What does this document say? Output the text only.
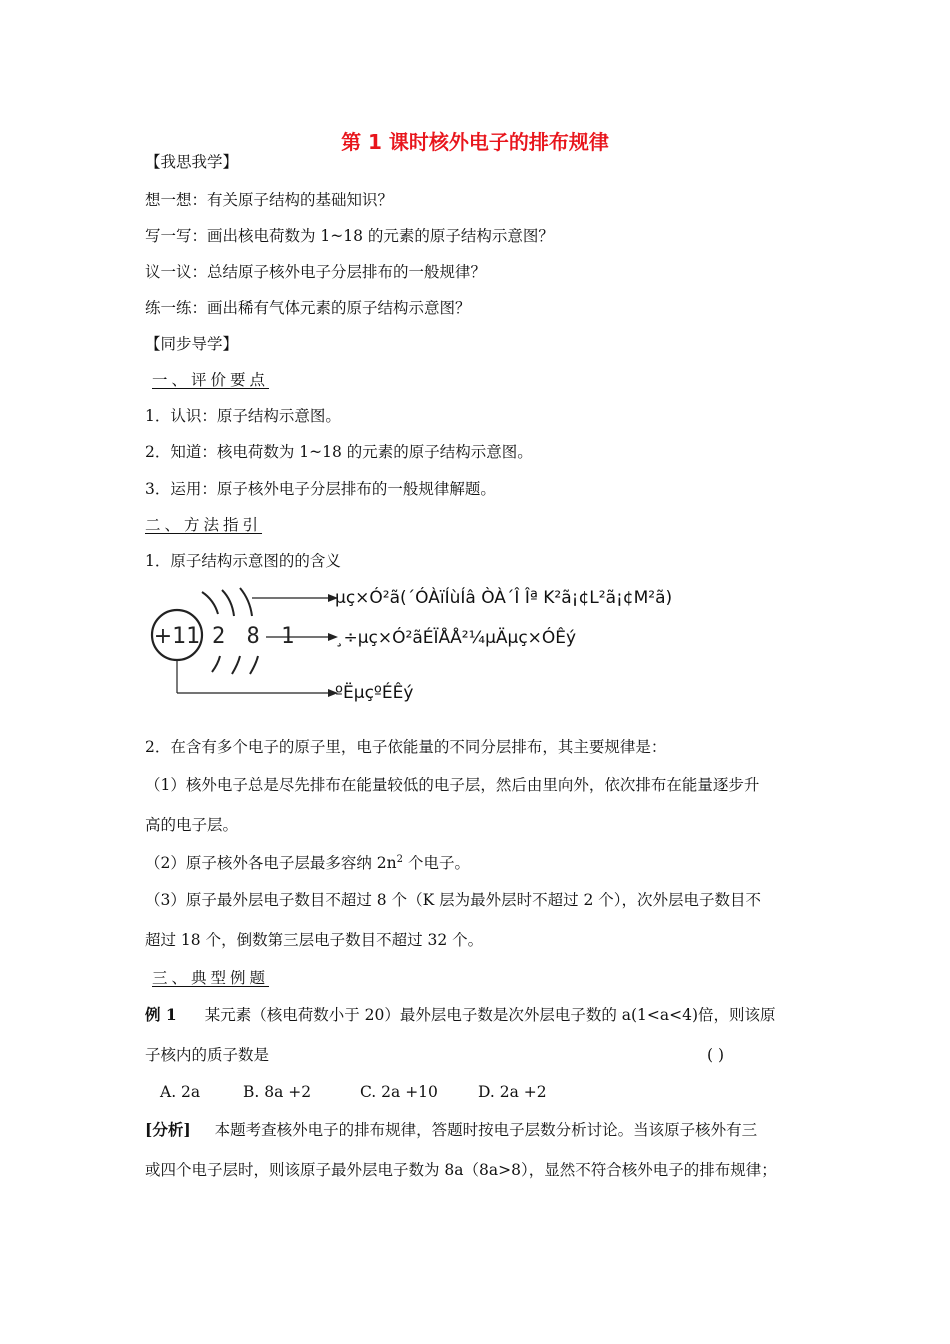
第 1 课时核外电子的排布规律
【我思我学】
想一想：有关原子结构的基础知识？
写一写：画出核电荷数为 1~18 的元素的原子结构示意图？
议一议：总结原子核外电子分层排布的一般规律？
练一练：画出稀有气体元素的原子结构示意图？
【同步导学】
一、评价要点
1．认识：原子结构示意图。
2．知道：核电荷数为 1~18 的元素的原子结构示意图。
3．运用：原子核外电子分层排布的一般规律解题。
二、方法指引
1．原子结构示意图的的含义
+11 2 8 1
µç×Ó²ã(´ÓÀïÍùÍâ ÒÀ´Î Îª K²ã¡¢L²ã¡¢M²ã)
¸÷µç×Ó²ãÉÏÅÅ²¼µÄµç×ÓÊý
ºËµçºÉÊý
2．在含有多个电子的原子里，电子依能量的不同分层排布，其主要规律是：
（1）核外电子总是尽先排布在能量较低的电子层，然后由里向外，依次排布在能量逐步升
高的电子层。
（2）原子核外各电子层最多容纳 $2n^2$ 个电子。
（3）原子最外层电子数目不超过 8 个（K 层为最外层时不超过 2 个），次外层电子数目不
超过 18 个，倒数第三层电子数目不超过 32 个。
三、典型例题
例 1 某元素（核电荷数小于 20）最外层电子数是次外层电子数的 a(1<a<4)倍，则该原
子核内的质子数是	( )
A. 2a	B. 8a +2	C. 2a +10	D. 2a +2
[分析] 本题考查核外电子的排布规律，答题时按电子层数分析讨论。当该原子核外有三
或四个电子层时，则该原子最外层电子数为 8a（8a>8），显然不符合核外电子的排布规律；
